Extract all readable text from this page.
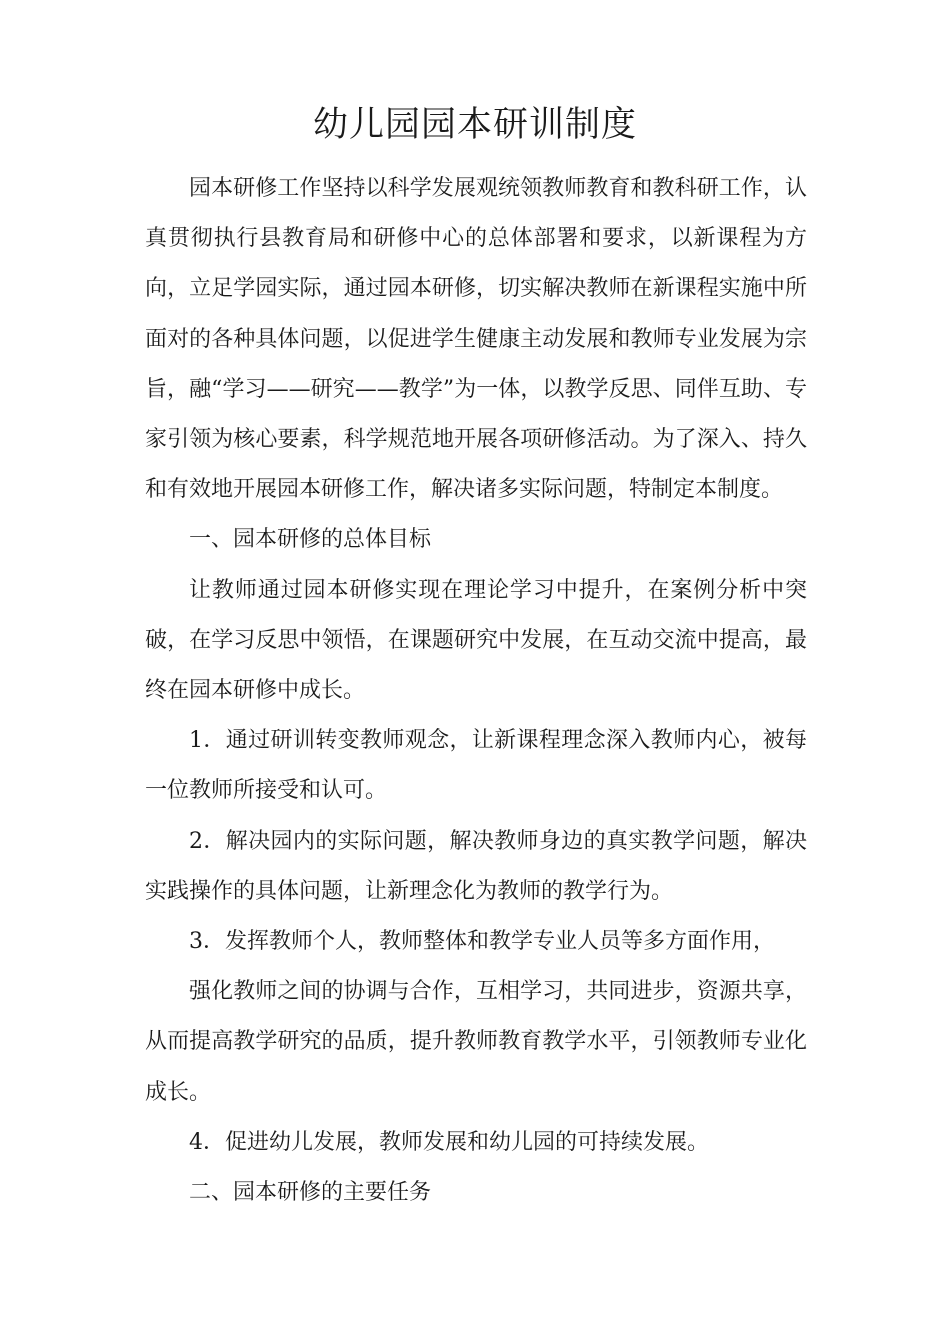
幼儿园园本研训制度

园本研修工作坚持以科学发展观统领教师教育和教科研工作，认真贯彻执行县教育局和研修中心的总体部署和要求，以新课程为方向，立足学园实际，通过园本研修，切实解决教师在新课程实施中所面对的各种具体问题，以促进学生健康主动发展和教师专业发展为宗旨，融“学习——研究——教学”为一体，以教学反思、同伴互助、专家引领为核心要素，科学规范地开展各项研修活动。为了深入、持久和有效地开展园本研修工作，解决诸多实际问题，特制定本制度。

一、园本研修的总体目标

让教师通过园本研修实现在理论学习中提升，在案例分析中突破，在学习反思中领悟，在课题研究中发展，在互动交流中提高，最终在园本研修中成长。

1．通过研训转变教师观念，让新课程理念深入教师内心，被每一位教师所接受和认可。

2．解决园内的实际问题，解决教师身边的真实教学问题，解决实践操作的具体问题，让新理念化为教师的教学行为。

3．发挥教师个人，教师整体和教学专业人员等多方面作用，

强化教师之间的协调与合作，互相学习，共同进步，资源共享，从而提高教学研究的品质，提升教师教育教学水平，引领教师专业化成长。

4．促进幼儿发展，教师发展和幼儿园的可持续发展。

二、园本研修的主要任务
